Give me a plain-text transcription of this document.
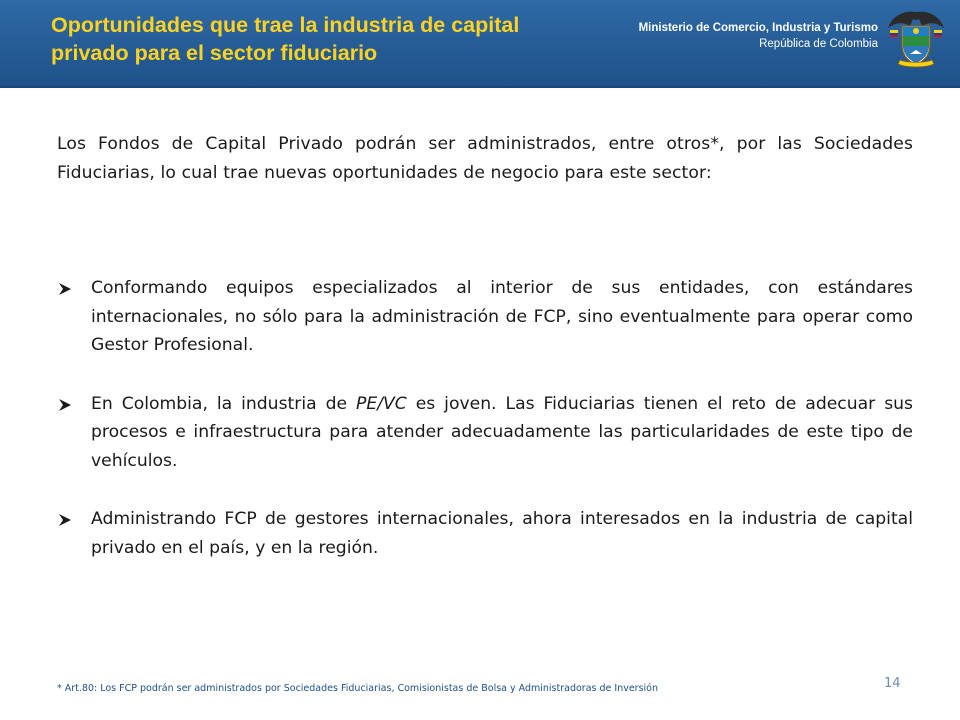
Oportunidades que trae la industria de capital privado para el sector fiduciario
Ministerio de Comercio, Industria y Turismo
República de Colombia
Los Fondos de Capital Privado podrán ser administrados, entre otros*, por las Sociedades Fiduciarias, lo cual trae nuevas oportunidades de negocio para este sector:
Conformando equipos especializados al interior de sus entidades, con estándares internacionales, no sólo para la administración de FCP, sino eventualmente para operar como Gestor Profesional.
En Colombia, la industria de PE/VC es joven. Las Fiduciarias tienen el reto de adecuar sus procesos e infraestructura para atender adecuadamente las particularidades de este tipo de vehículos.
Administrando FCP de gestores internacionales, ahora interesados en la industria de capital privado en el país, y en la región.
* Art.80: Los FCP podrán ser administrados por Sociedades Fiduciarias, Comisionistas de Bolsa y Administradoras de Inversión	14
